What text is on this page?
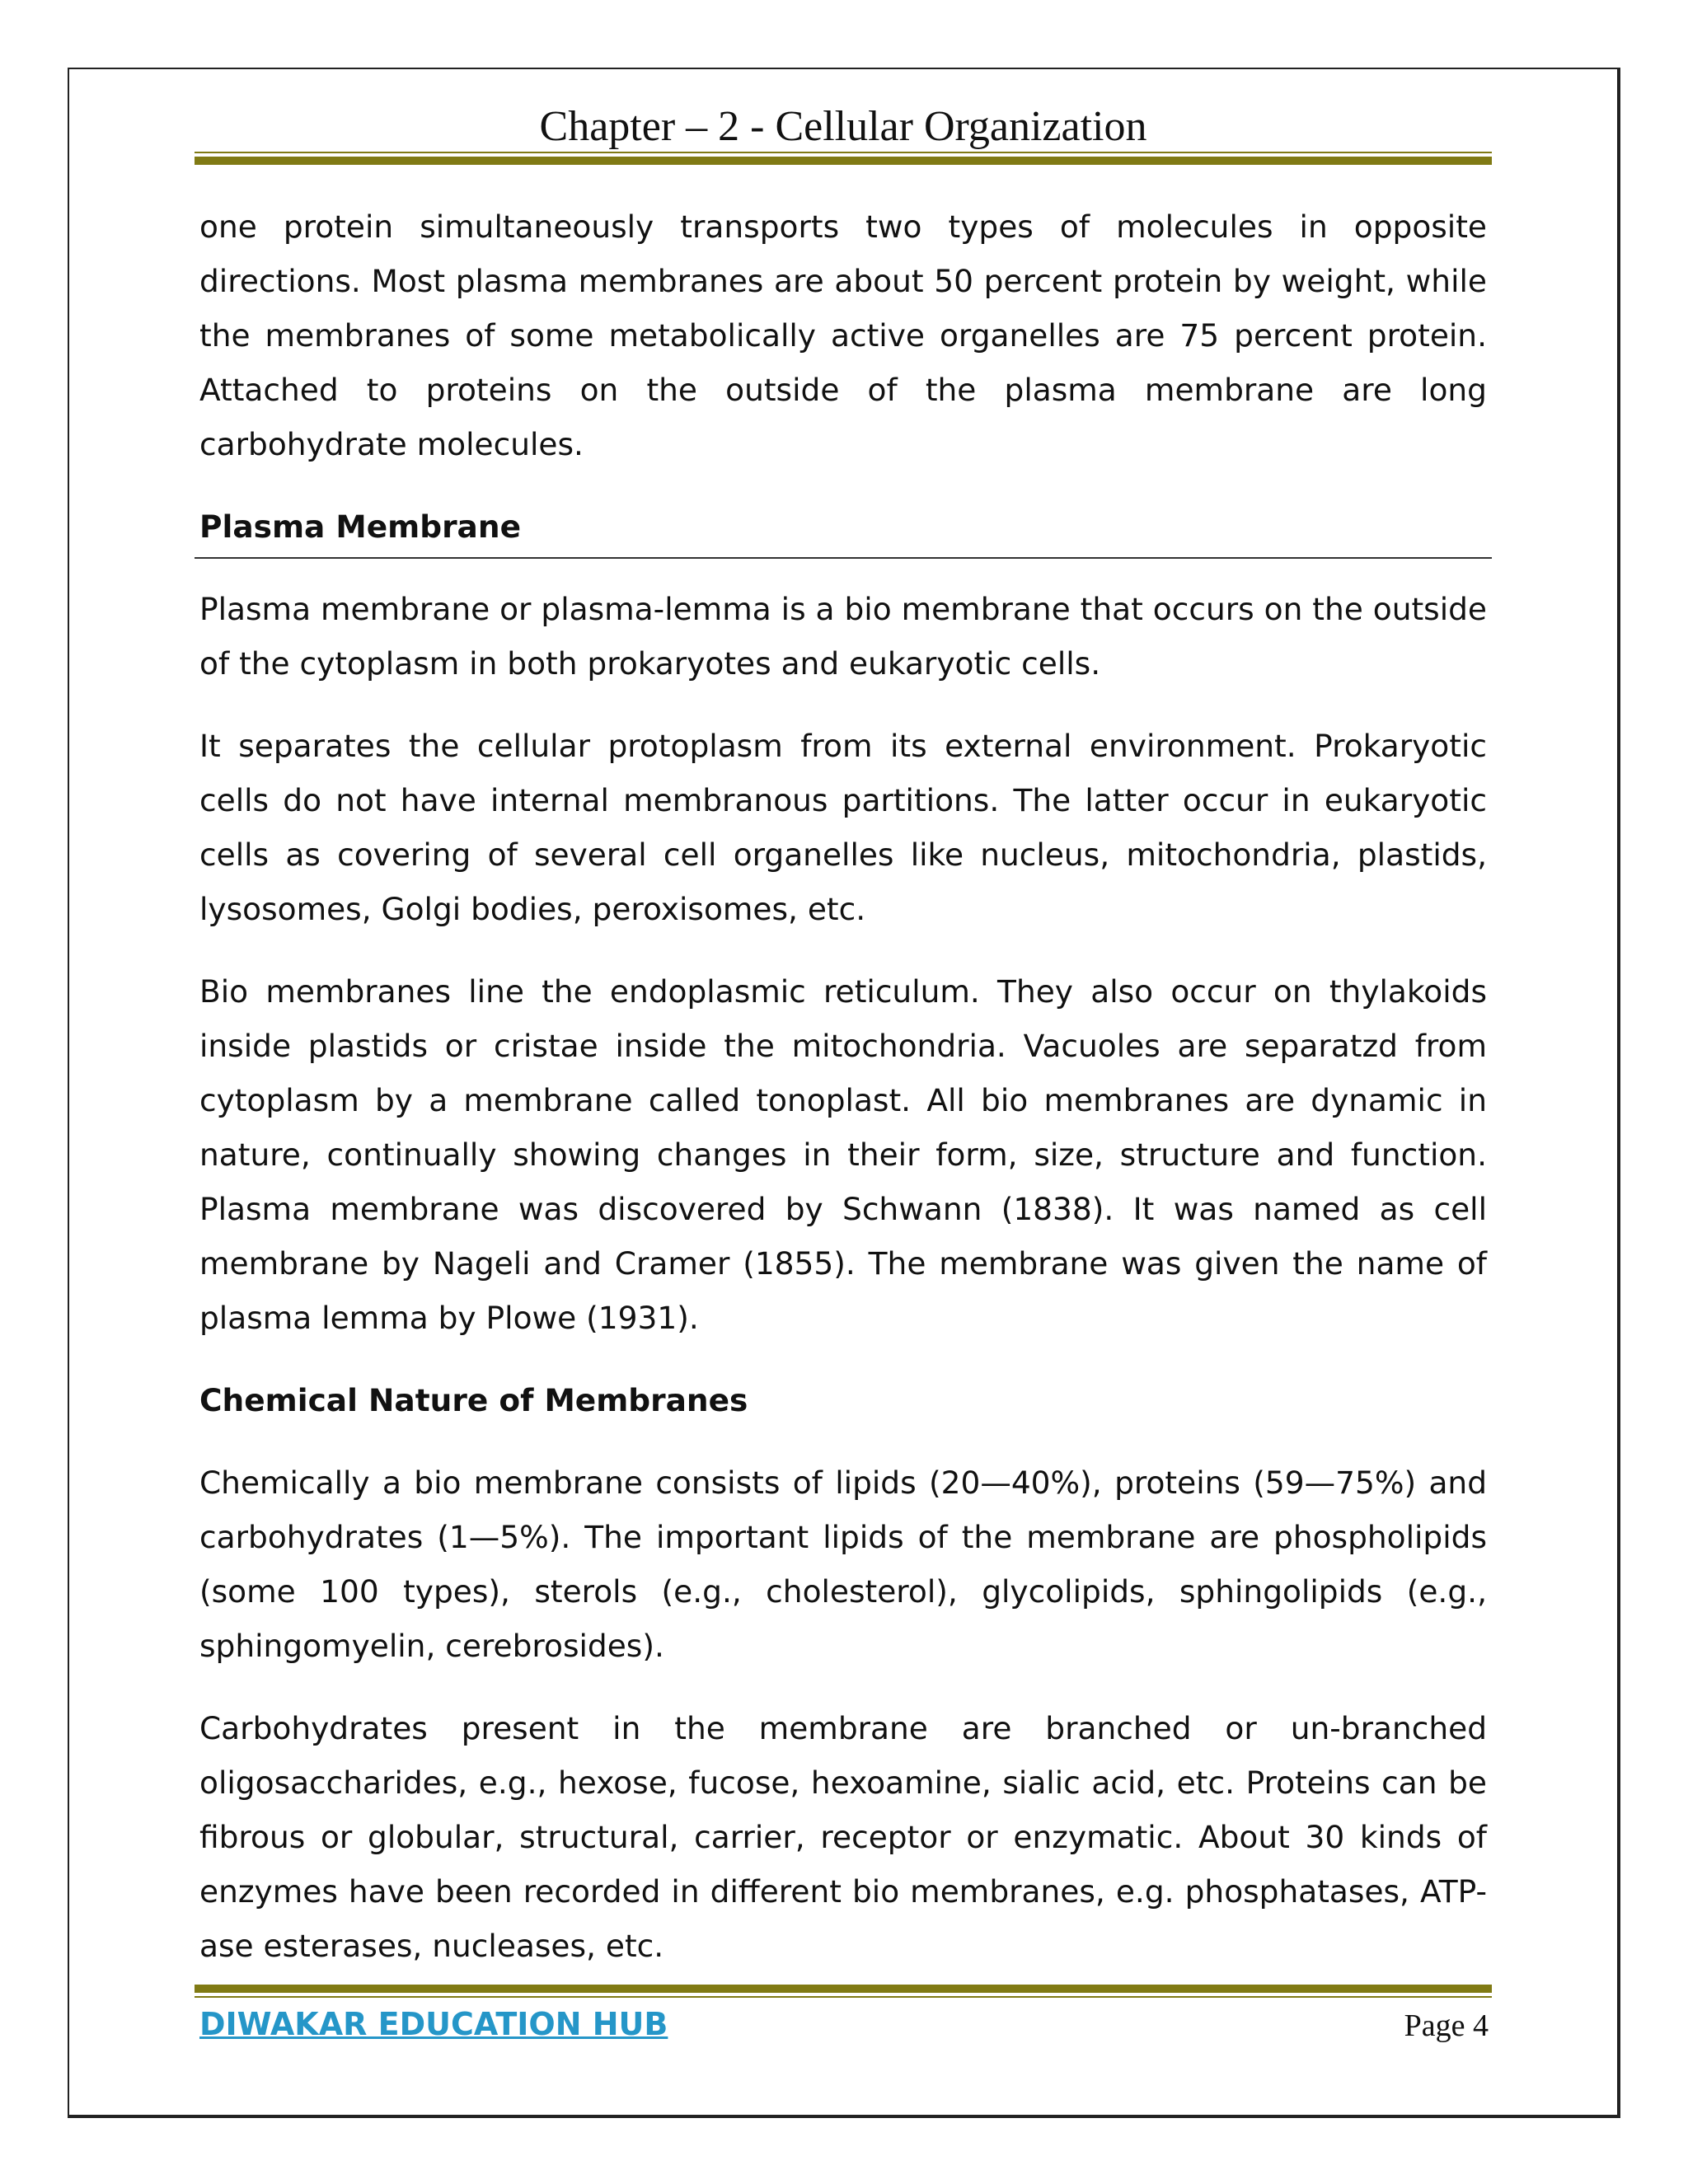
Chapter – 2 - Cellular Organization

one protein simultaneously transports two types of molecules in opposite directions. Most plasma membranes are about 50 percent protein by weight, while the membranes of some metabolically active organelles are 75 percent protein. Attached to proteins on the outside of the plasma membrane are long carbohydrate molecules.

Plasma Membrane

Plasma membrane or plasma-lemma is a bio membrane that occurs on the outside of the cytoplasm in both prokaryotes and eukaryotic cells.

It separates the cellular protoplasm from its external environment. Prokaryotic cells do not have internal membranous partitions. The latter occur in eukaryotic cells as covering of several cell organelles like nucleus, mitochondria, plastids, lysosomes, Golgi bodies, peroxisomes, etc.

Bio membranes line the endoplasmic reticulum. They also occur on thylakoids inside plastids or cristae inside the mitochondria. Vacuoles are separatzd from cytoplasm by a membrane called tonoplast. All bio membranes are dynamic in nature, continually showing changes in their form, size, structure and function. Plasma membrane was discovered by Schwann (1838). It was named as cell membrane by Nageli and Cramer (1855). The membrane was given the name of plasma lemma by Plowe (1931).

Chemical Nature of Membranes

Chemically a bio membrane consists of lipids (20—40%), proteins (59—75%) and carbohydrates (1—5%). The important lipids of the membrane are phospholipids (some 100 types), sterols (e.g., cholesterol), glycolipids, sphingolipids (e.g., sphingomyelin, cerebrosides).

Carbohydrates present in the membrane are branched or un-branched oligosaccharides, e.g., hexose, fucose, hexoamine, sialic acid, etc. Proteins can be fibrous or globular, structural, carrier, receptor or enzymatic. About 30 kinds of enzymes have been recorded in different bio membranes, e.g. phosphatases, ATP-ase esterases, nucleases, etc.

DIWAKAR EDUCATION HUB	Page 4
